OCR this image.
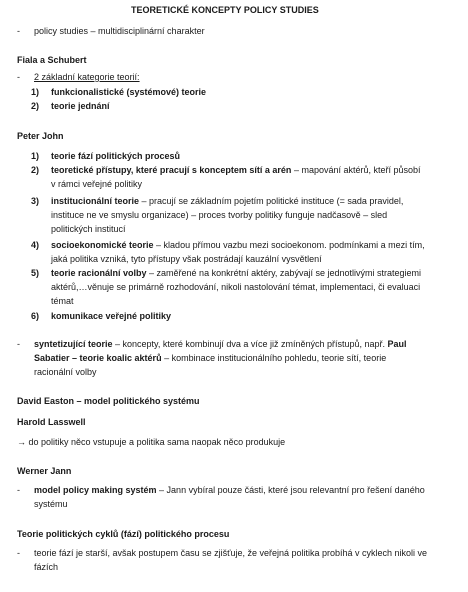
TEORETICKÉ KONCEPTY POLICY STUDIES
- policy studies – multidisciplinární charakter
Fiala a Schubert
- 2 základní kategorie teorií:
1) funkcionalistické (systémové) teorie
2) teorie jednání
Peter John
1) teorie fází politických procesů
2) teoretické přístupy, které pracují s konceptem sítí a arén – mapování aktérů, kteří působí
v rámci veřejné politiky
3) institucionální teorie – pracují se základním pojetím politické instituce (= sada pravidel,
instituce ne ve smyslu organizace) – proces tvorby politiky funguje nadčasově – sled
politických institucí
4) socioekonomické teorie – kladou přímou vazbu mezi socioekonom. podmínkami a mezi tím,
jaká politika vzniká, tyto přístupy však postrádají kauzální vysvětlení
5) teorie racionální volby – zaměřené na konkrétní aktéry, zabývají se jednotlivými strategiemi
aktérů,…věnuje se primárně rozhodování, nikoli nastolování témat, implementaci, či evaluaci
témat
6) komunikace veřejné politiky
- syntetizující teorie – koncepty, které kombinují dva a více již zmíněných přístupů, např. Paul
Sabatier – teorie koalic aktérů – kombinace institucionálního pohledu, teorie sítí, teorie
racionální volby
David Easton – model politického systému
Harold Lasswell
→ do politiky něco vstupuje a politika sama naopak něco produkuje
Werner Jann
- model policy making systém – Jann vybíral pouze části, které jsou relevantní pro řešení daného
systému
Teorie politických cyklů (fází) politického procesu
- teorie fází je starší, avšak postupem času se zjišťuje, že veřejná politika probíhá v cyklech nikoli ve
fázích
